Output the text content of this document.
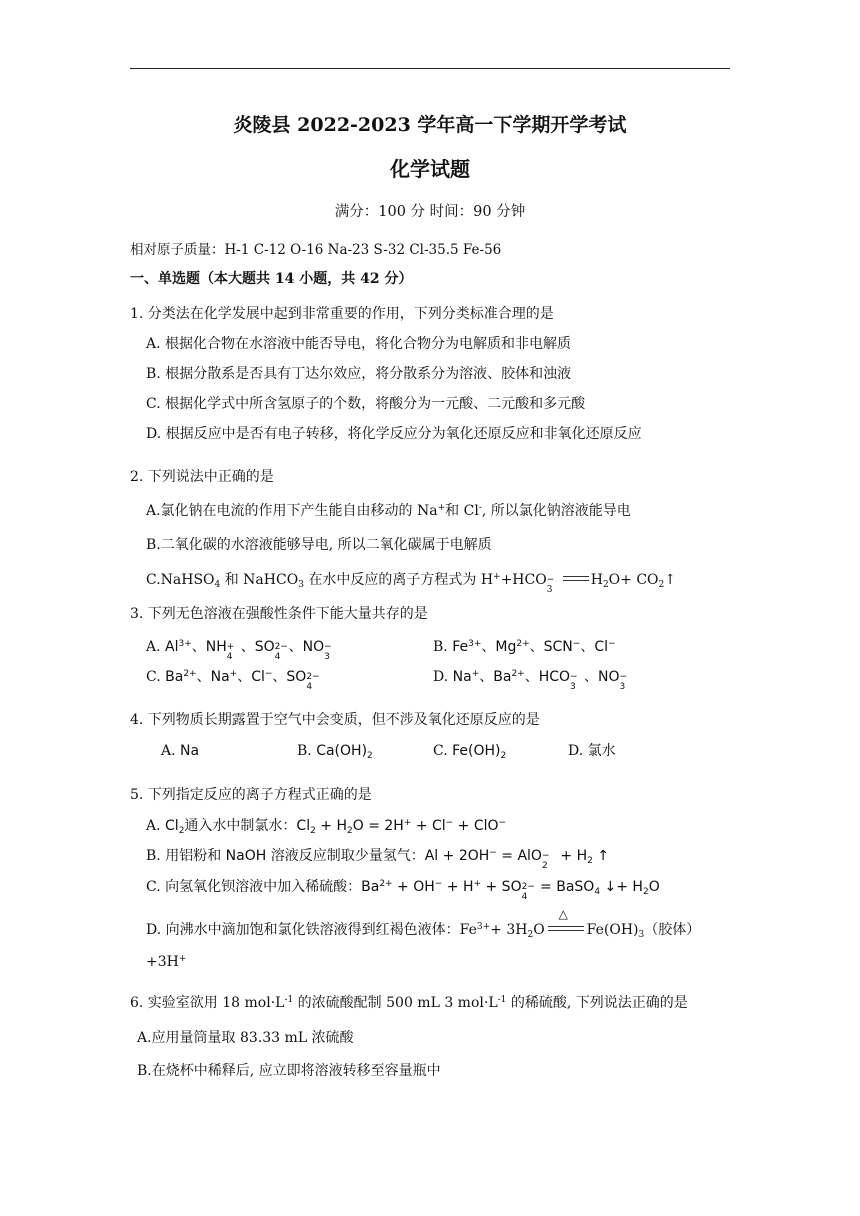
炎陵县 2022-2023 学年高一下学期开学考试
化学试题
满分：100 分 时间：90 分钟
相对原子质量：H-1 C-12 O-16 Na-23 S-32 Cl-35.5 Fe-56
一、单选题（本大题共 14 小题，共 42 分）
1. 分类法在化学发展中起到非常重要的作用，下列分类标准合理的是
A. 根据化合物在水溶液中能否导电，将化合物分为电解质和非电解质
B. 根据分散系是否具有丁达尔效应，将分散系分为溶液、胶体和浊液
C. 根据化学式中所含氢原子的个数，将酸分为一元酸、二元酸和多元酸
D. 根据反应中是否有电子转移，将化学反应分为氧化还原反应和非氧化还原反应
2. 下列说法中正确的是
A.氯化钠在电流的作用下产生能自由移动的 Na+和 Cl-, 所以氯化钠溶液能导电
B.二氧化碳的水溶液能够导电, 所以二氧化碳属于电解质
C.NaHSO$_4$ 和 NaHCO$_3$ 在水中反应的离子方程式为 H++HCO −
3
$H_2O+$ $CO_2↑$
3. 下列无色溶液在强酸性条件下能大量共存的是
A. $Al^{3+}$、NH +
4
、SO 2−
4
、NO −
3
B. $Fe^{3+}$、$Mg^{2+}$、SCN−、Cl−
C. $Ba^{2+}$、Na+、Cl−、SO 2−
4
D. Na+、$Ba^{2+}$、HCO −
3
、NO −
3
4. 下列物质长期露置于空气中会变质，但不涉及氧化还原反应的是
A. Na	B. $Ca(OH)_2$	C. $Fe(OH)_2$	D. 氯水
5. 下列指定反应的离子方程式正确的是
A. $Cl_2$通入水中制氯水：$Cl_2 + H_2O = 2H^+ + Cl^- + ClO^-$
B. 用铝粉和 NaOH 溶液反应制取少量氢气：Al + 2OH− = AlO −
2
+ $H_2$ ↑
C. 向氢氧化钡溶液中加入稀硫酸：$Ba^{2+} + OH^- + H^+$ + SO 2−
4
= BaSO$_4$ ↓+ $H_2O$
D. 向沸水中滴加饱和氯化铁溶液得到红褐色液体：$Fe^{3+}+ 3H_2O$
△
$Fe(OH)_3$（胶体）
+3H+
6. 实验室欲用 18 $mol\cdot L^{-1}$ 的浓硫酸配制 500 mL 3 $mol\cdot L^{-1}$ 的稀硫酸, 下列说法正确的是
A.应用量筒量取 83.33 mL 浓硫酸
B.在烧杯中稀释后, 应立即将溶液转移至容量瓶中
